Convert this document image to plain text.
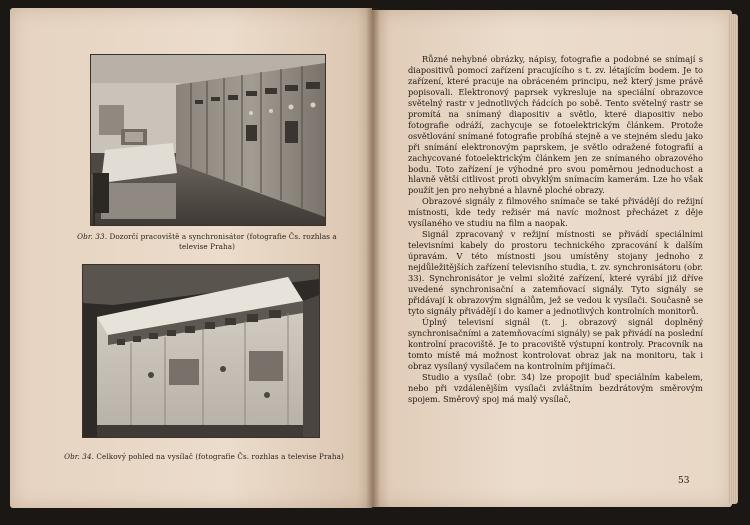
Obr. 33. Dozorčí pracoviště a synchronisátor (fotografie Čs. rozhlas a televise Praha)
Obr. 34. Celkový pohled na vysílač (fotografie Čs. rozhlas a televise Praha)

Různé nehybné obrázky, nápisy, fotografie a podobné se snímají s diapositivů pomocí zařízení pracujícího s t. zv. létajícím bodem. Je to zařízení, které pracuje na obráceném principu, než který jsme právě popisovali. Elektronový paprsek vykresluje na speciální obrazovce světelný rastr v jednotlivých řádcích po sobě. Tento světelný rastr se promítá na snímaný diapositiv a světlo, které diapositiv nebo fotografie odráží, zachycuje se fotoelektrickým článkem. Protože osvětlování snímané fotografie probíhá stejně a ve stejném sledu jako při snímání elektronovým paprskem, je světlo odražené fotografií a zachycované fotoelektrickým článkem jen ze snímaného obrazového bodu. Toto zařízení je výhodné pro svou poměrnou jednoduchost a hlavně větší citlivost proti obvyklým snímacím kamerám. Lze ho však použít jen pro nehybné a hlavně ploché obrazy.

Obrazové signály z filmového snímače se také přivádějí do režijní místnosti, kde tedy režisér má navíc možnost přecházet z děje vysílaného ve studiu na film a naopak.

Signál zpracovaný v režijní místnosti se přivádí speciálními televisními kabely do prostoru technického zpracování k dalším úpravám. V této místnosti jsou umístěny stojany jednoho z nejdůležitějších zařízení televisního studia, t. zv. synchronisátoru (obr. 33). Synchronisátor je velmi složité zařízení, které vyrábí již dříve uvedené synchronisační a zatemňovací signály. Tyto signály se přidávají k obrazovým signálům, jež se vedou k vysílači. Současně se tyto signály přivádějí i do kamer a jednotlivých kontrolních monitorů.

Úplný televisní signál (t. j. obrazový signál doplněný synchronisačními a zatemňovacími signály) se pak přivádí na poslední kontrolní pracoviště. Je to pracoviště výstupní kontroly. Pracovník na tomto místě má možnost kontrolovat obraz jak na monitoru, tak i obraz vysílaný vysílačem na kontrolním přijímači.

Studio a vysílač (obr. 34) lze propojit buď speciálním kabelem, nebo při vzdálenějším vysílači zvláštním bezdrátovým směrovým spojem. Směrový spoj má malý vysílač,

53
